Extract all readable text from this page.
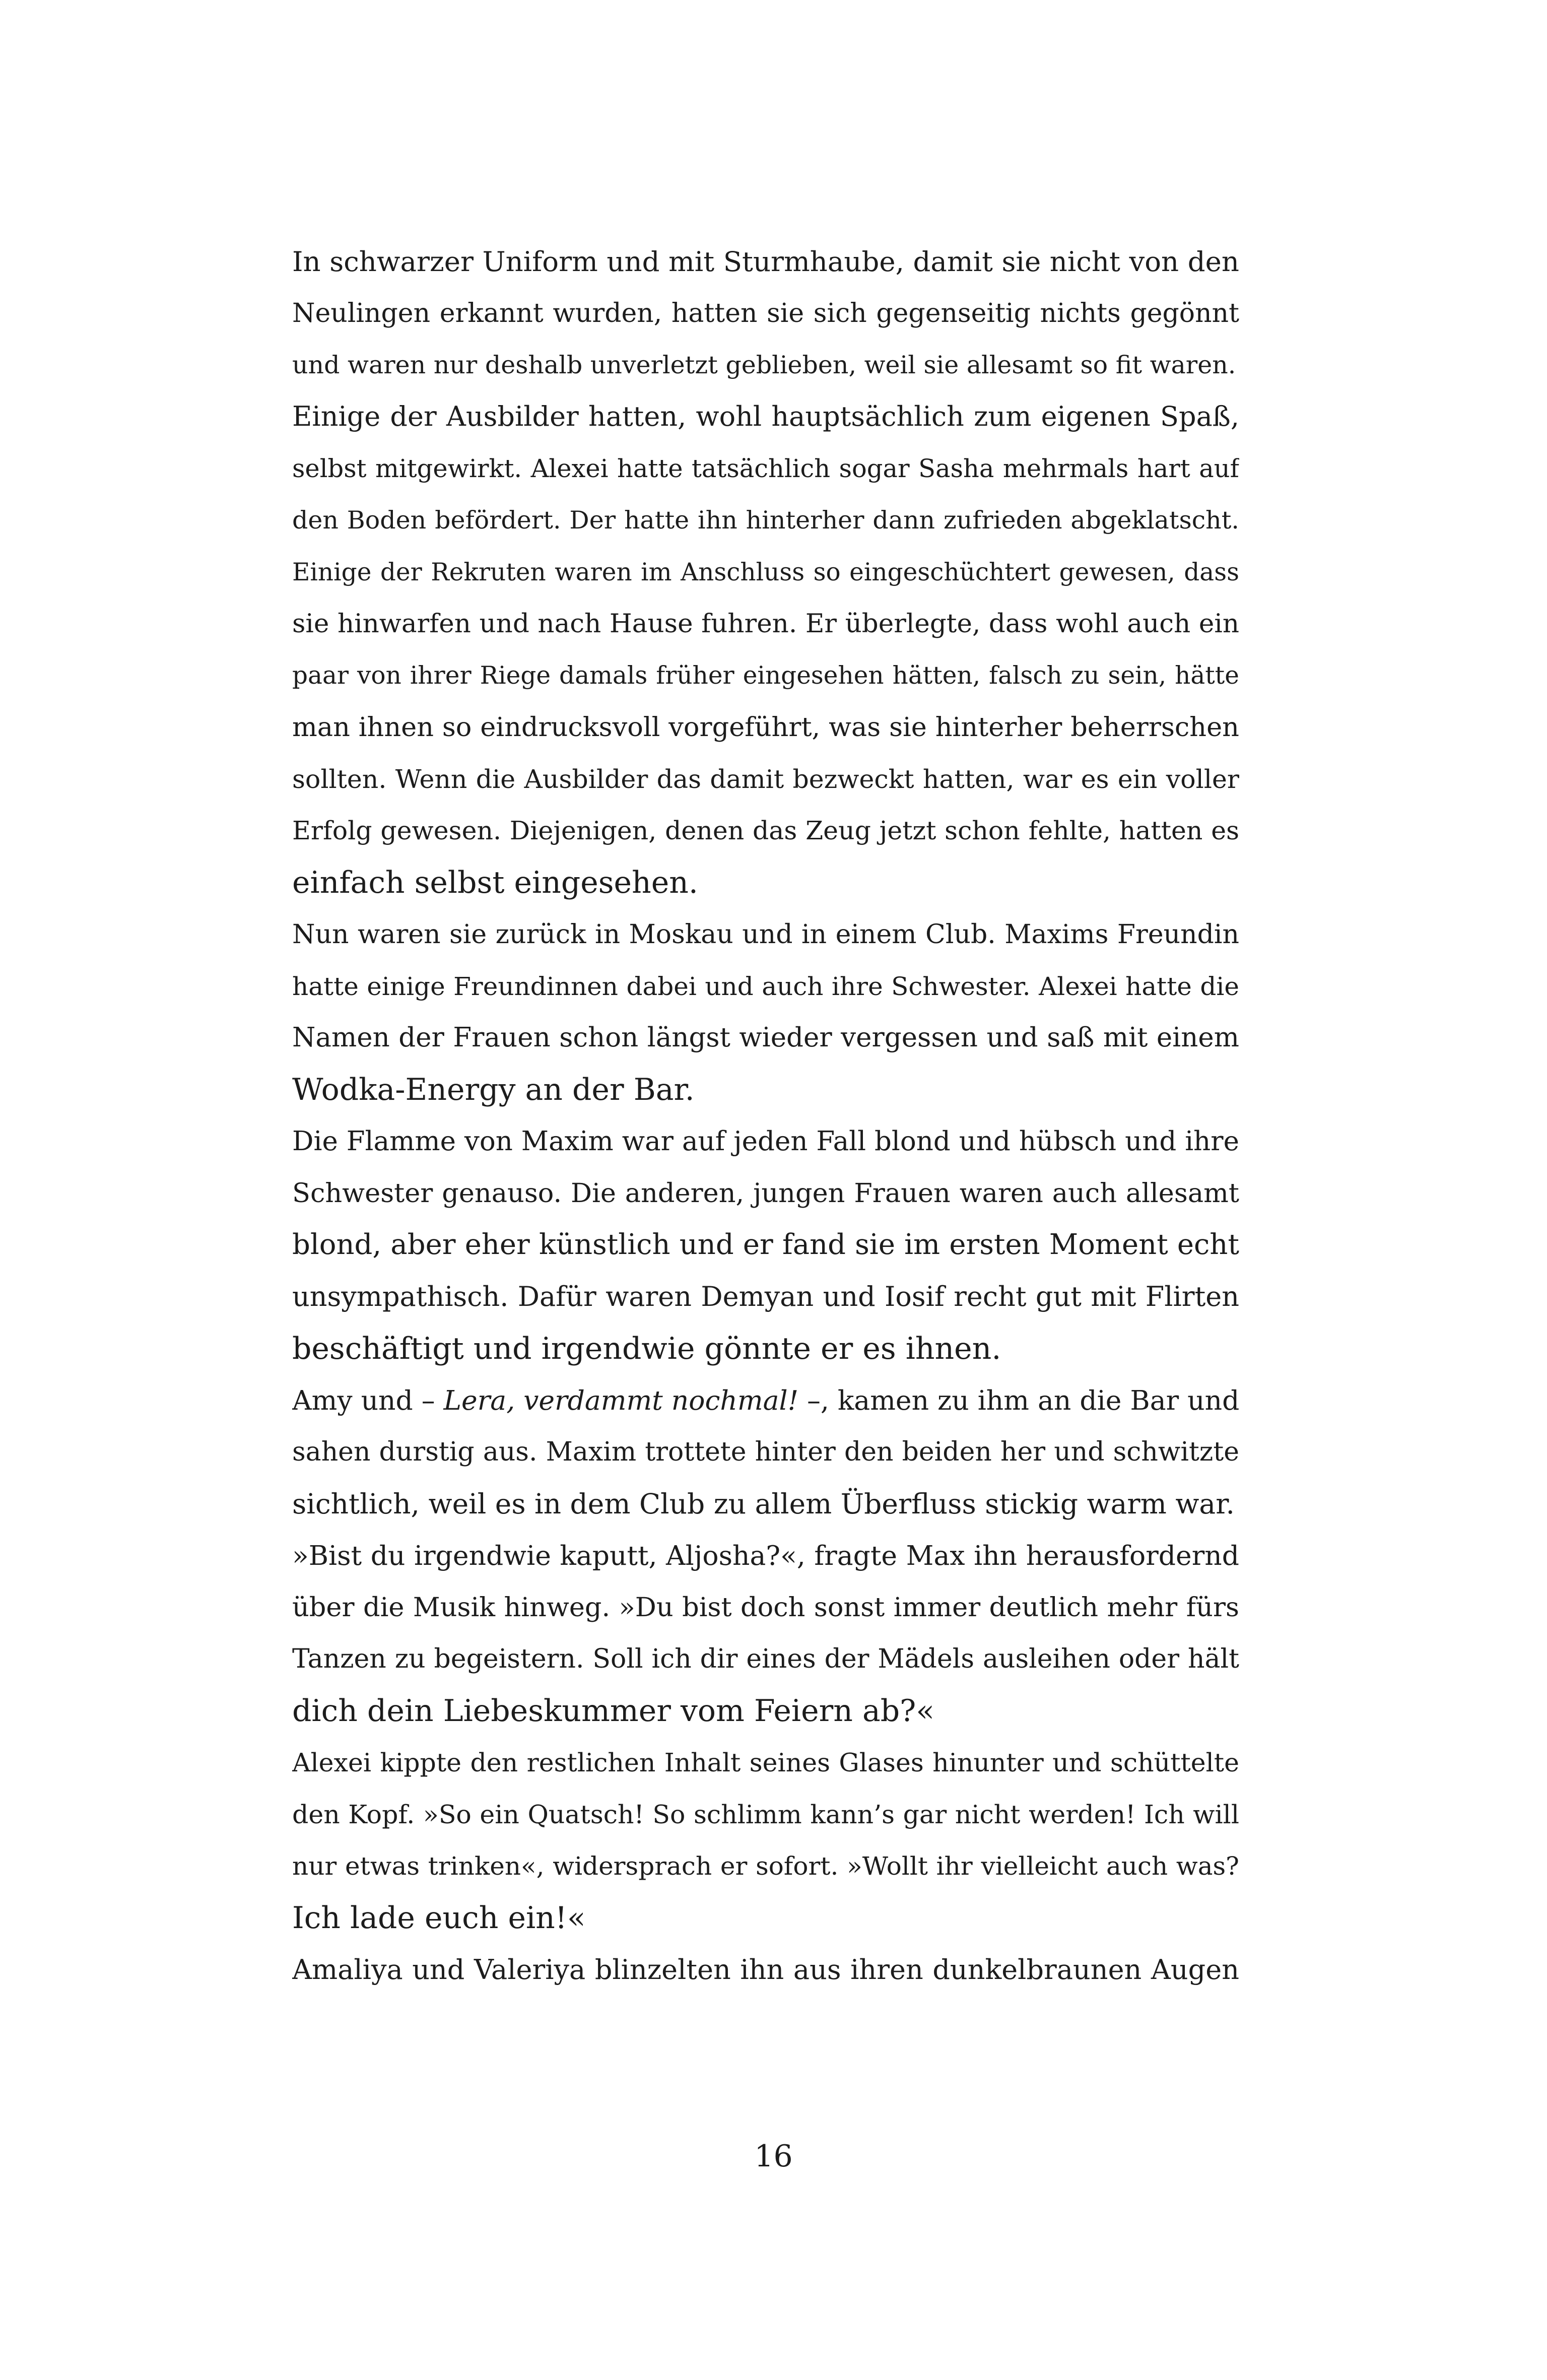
In schwarzer Uniform und mit Sturmhaube, damit sie nicht von den
Neulingen erkannt wurden, hatten sie sich gegenseitig nichts gegönnt
und waren nur deshalb unverletzt geblieben, weil sie allesamt so fit waren.
Einige der Ausbilder hatten, wohl hauptsächlich zum eigenen Spaß,
selbst mitgewirkt. Alexei hatte tatsächlich sogar Sasha mehrmals hart auf
den Boden befördert. Der hatte ihn hinterher dann zufrieden abgeklatscht.
Einige der Rekruten waren im Anschluss so eingeschüchtert gewesen, dass
sie hinwarfen und nach Hause fuhren. Er überlegte, dass wohl auch ein
paar von ihrer Riege damals früher eingesehen hätten, falsch zu sein, hätte
man ihnen so eindrucksvoll vorgeführt, was sie hinterher beherrschen
sollten. Wenn die Ausbilder das damit bezweckt hatten, war es ein voller
Erfolg gewesen. Diejenigen, denen das Zeug jetzt schon fehlte, hatten es
einfach selbst eingesehen.
Nun waren sie zurück in Moskau und in einem Club. Maxims Freundin
hatte einige Freundinnen dabei und auch ihre Schwester. Alexei hatte die
Namen der Frauen schon längst wieder vergessen und saß mit einem
Wodka-Energy an der Bar.
Die Flamme von Maxim war auf jeden Fall blond und hübsch und ihre
Schwester genauso. Die anderen, jungen Frauen waren auch allesamt
blond, aber eher künstlich und er fand sie im ersten Moment echt
unsympathisch. Dafür waren Demyan und Iosif recht gut mit Flirten
beschäftigt und irgendwie gönnte er es ihnen.
Amy und – Lera, verdammt nochmal! –, kamen zu ihm an die Bar und
sahen durstig aus. Maxim trottete hinter den beiden her und schwitzte
sichtlich, weil es in dem Club zu allem Überfluss stickig warm war.
»Bist du irgendwie kaputt, Aljosha?«, fragte Max ihn herausfordernd
über die Musik hinweg. »Du bist doch sonst immer deutlich mehr fürs
Tanzen zu begeistern. Soll ich dir eines der Mädels ausleihen oder hält
dich dein Liebeskummer vom Feiern ab?«
Alexei kippte den restlichen Inhalt seines Glases hinunter und schüttelte
den Kopf. »So ein Quatsch! So schlimm kann’s gar nicht werden! Ich will
nur etwas trinken«, widersprach er sofort. »Wollt ihr vielleicht auch was?
Ich lade euch ein!«
Amaliya und Valeriya blinzelten ihn aus ihren dunkelbraunen Augen
16
